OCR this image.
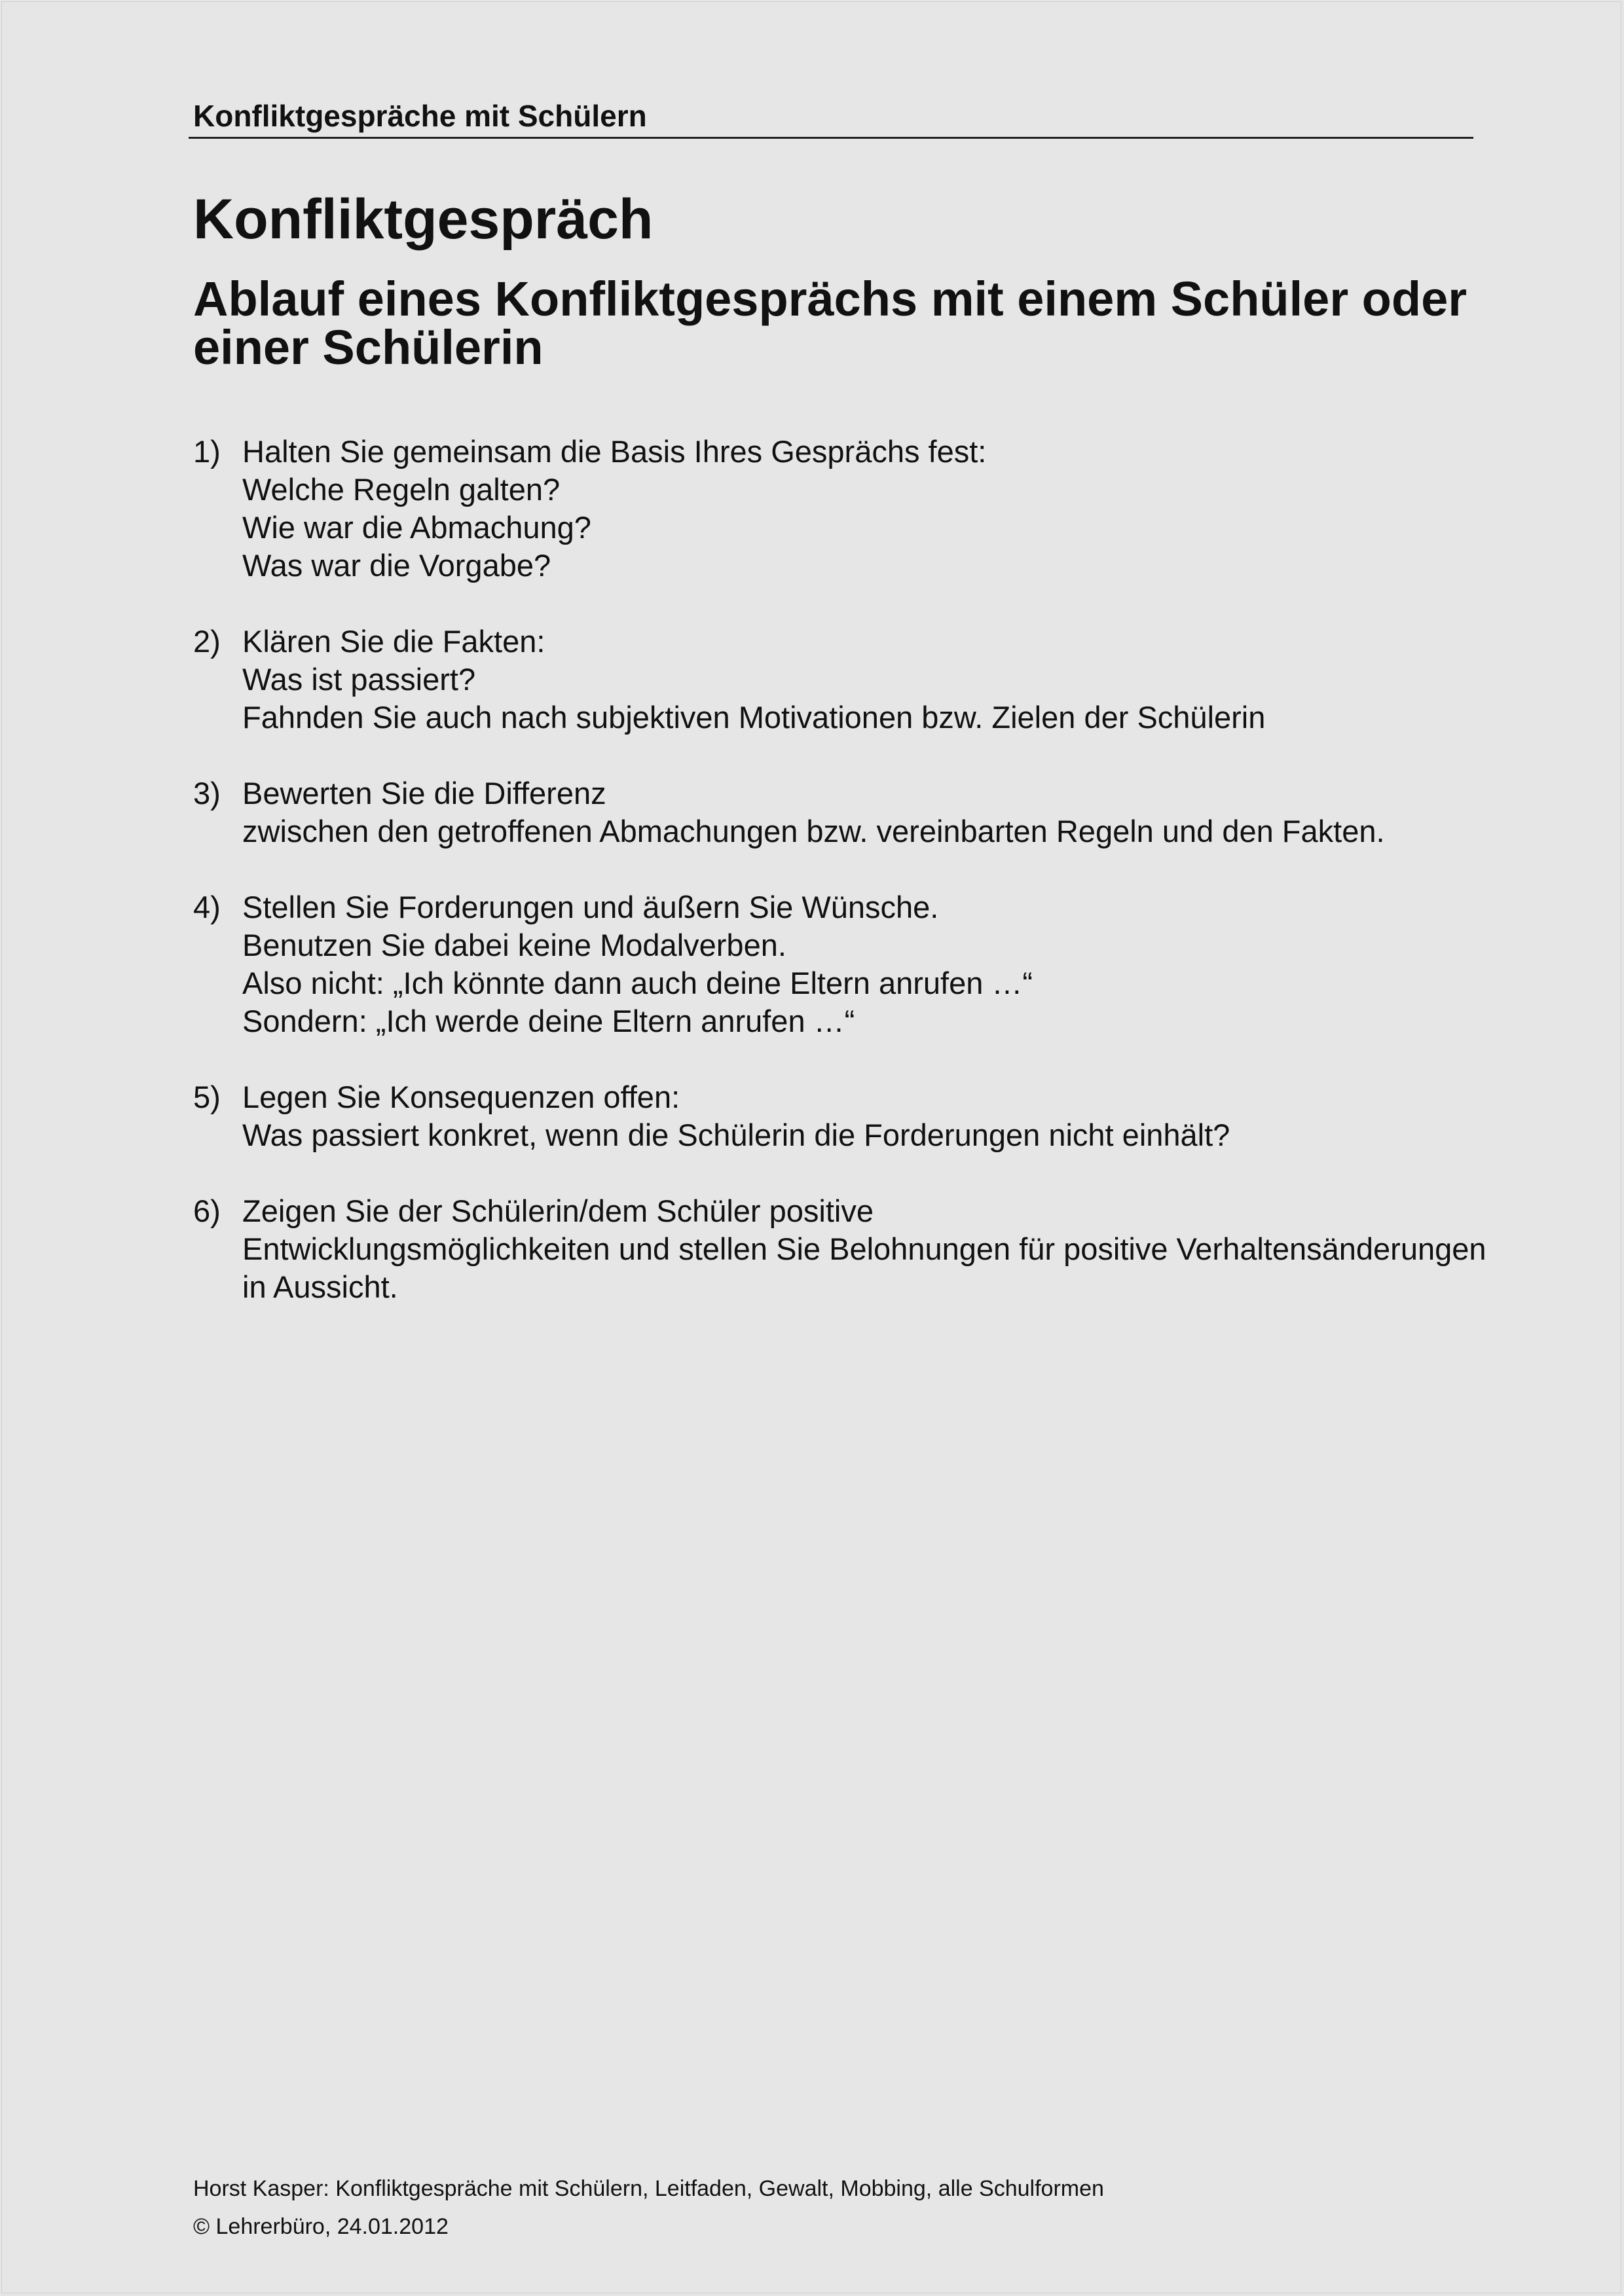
Konfliktgespräche mit Schülern
Konfliktgespräch
Ablauf eines Konfliktgesprächs mit einem Schüler oder einer Schülerin
1) Halten Sie gemeinsam die Basis Ihres Gesprächs fest:
Welche Regeln galten?
Wie war die Abmachung?
Was war die Vorgabe?
2) Klären Sie die Fakten:
Was ist passiert?
Fahnden Sie auch nach subjektiven Motivationen bzw. Zielen der Schülerin
3) Bewerten Sie die Differenz
zwischen den getroffenen Abmachungen bzw. vereinbarten Regeln und den Fakten.
4) Stellen Sie Forderungen und äußern Sie Wünsche.
Benutzen Sie dabei keine Modalverben.
Also nicht: „Ich könnte dann auch deine Eltern anrufen …“
Sondern: „Ich werde deine Eltern anrufen …“
5) Legen Sie Konsequenzen offen:
Was passiert konkret, wenn die Schülerin die Forderungen nicht einhält?
6) Zeigen Sie der Schülerin/dem Schüler positive
Entwicklungsmöglichkeiten und stellen Sie Belohnungen für positive Verhaltensänderungen
in Aussicht.
Horst Kasper: Konfliktgespräche mit Schülern, Leitfaden, Gewalt, Mobbing, alle Schulformen
© Lehrerbüro, 24.01.2012
